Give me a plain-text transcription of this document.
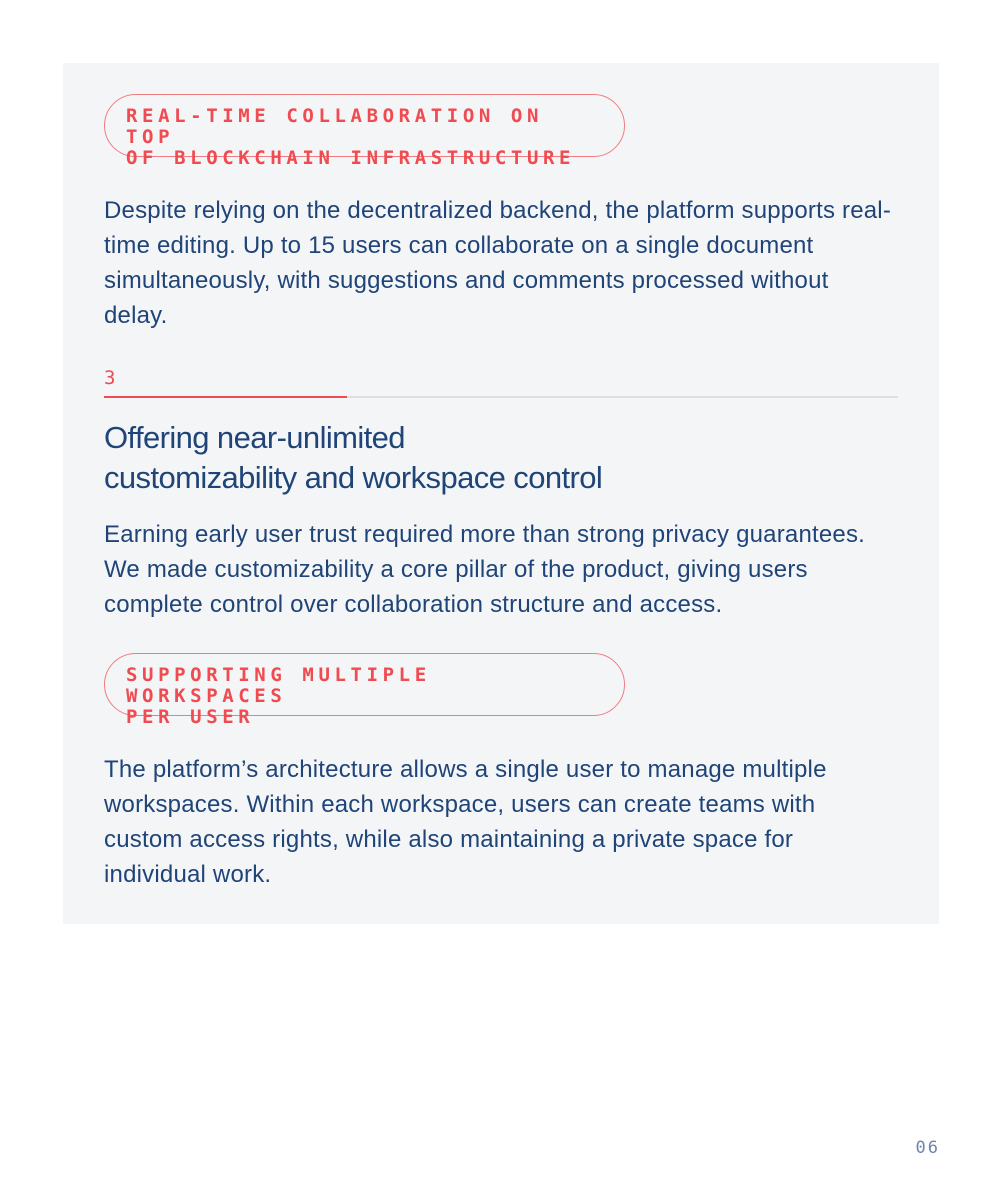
REAL-TIME COLLABORATION ON TOP
OF BLOCKCHAIN INFRASTRUCTURE

Despite relying on the decentralized backend, the platform supports real-time editing. Up to 15 users can collaborate on a single document simultaneously, with suggestions and comments processed without delay.

3
Offering near-unlimited
customizability and workspace control

Earning early user trust required more than strong privacy guarantees. We made customizability a core pillar of the product, giving users complete control over collaboration structure and access.

SUPPORTING MULTIPLE WORKSPACES
PER USER

The platform’s architecture allows a single user to manage multiple workspaces. Within each workspace, users can create teams with custom access rights, while also maintaining a private space for individual work.

06
